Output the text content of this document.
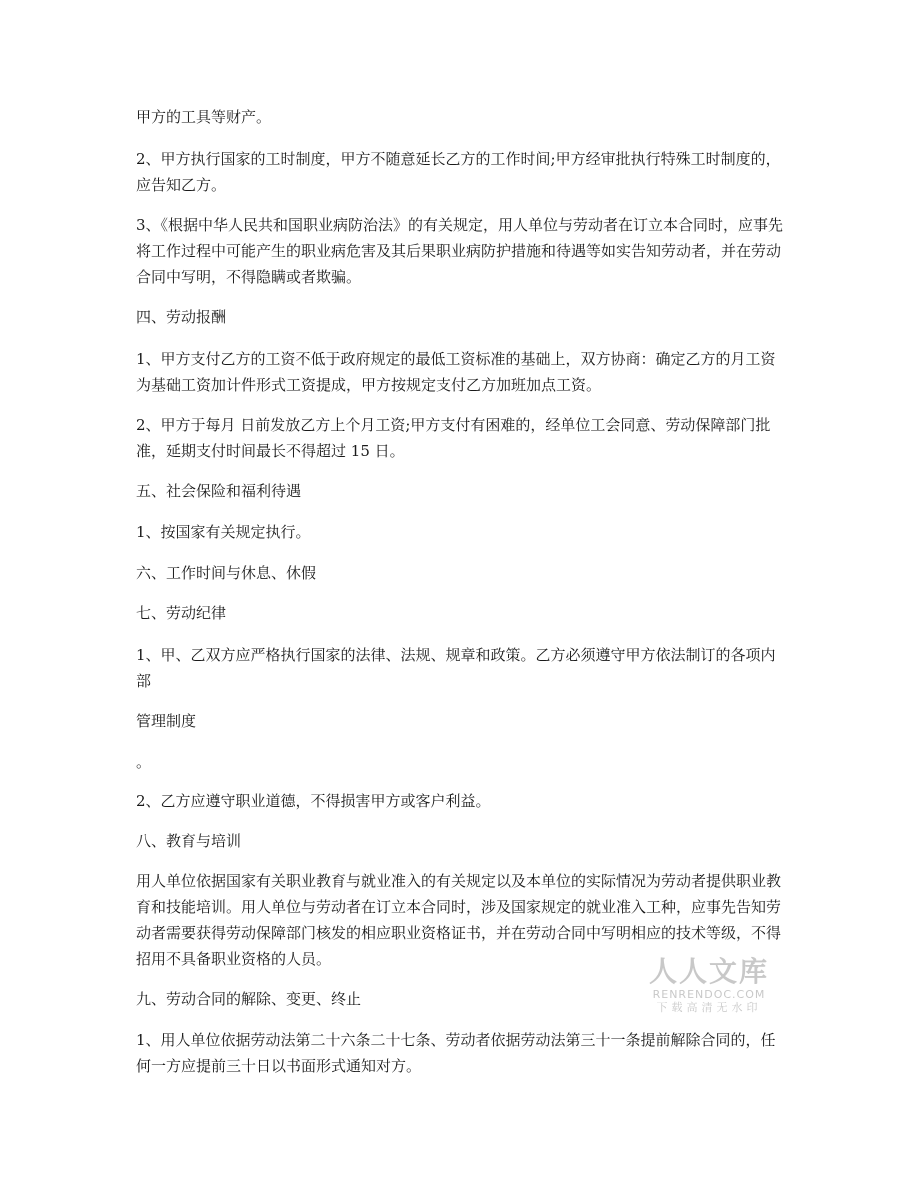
甲方的工具等财产。

2、甲方执行国家的工时制度，甲方不随意延长乙方的工作时间;甲方经审批执行特殊工时制度的，应告知乙方。

3、《根据中华人民共和国职业病防治法》的有关规定，用人单位与劳动者在订立本合同时，应事先将工作过程中可能产生的职业病危害及其后果职业病防护措施和待遇等如实告知劳动者，并在劳动合同中写明，不得隐瞒或者欺骗。

四、劳动报酬

1、甲方支付乙方的工资不低于政府规定的最低工资标准的基础上，双方协商：确定乙方的月工资为基础工资加计件形式工资提成，甲方按规定支付乙方加班加点工资。

2、甲方于每月 日前发放乙方上个月工资;甲方支付有困难的，经单位工会同意、劳动保障部门批准，延期支付时间最长不得超过 15 日。

五、社会保险和福利待遇

1、按国家有关规定执行。

六、工作时间与休息、休假

七、劳动纪律

1、甲、乙双方应严格执行国家的法律、法规、规章和政策。乙方必须遵守甲方依法制订的各项内部

管理制度

。

2、乙方应遵守职业道德，不得损害甲方或客户利益。

八、教育与培训

用人单位依据国家有关职业教育与就业准入的有关规定以及本单位的实际情况为劳动者提供职业教育和技能培训。用人单位与劳动者在订立本合同时，涉及国家规定的就业准入工种，应事先告知劳动者需要获得劳动保障部门核发的相应职业资格证书，并在劳动合同中写明相应的技术等级，不得招用不具备职业资格的人员。

九、劳动合同的解除、变更、终止

1、用人单位依据劳动法第二十六条二十七条、劳动者依据劳动法第三十一条提前解除合同的，任何一方应提前三十日以书面形式通知对方。

人人文库
RENRENDOC.COM
下载高清无水印
